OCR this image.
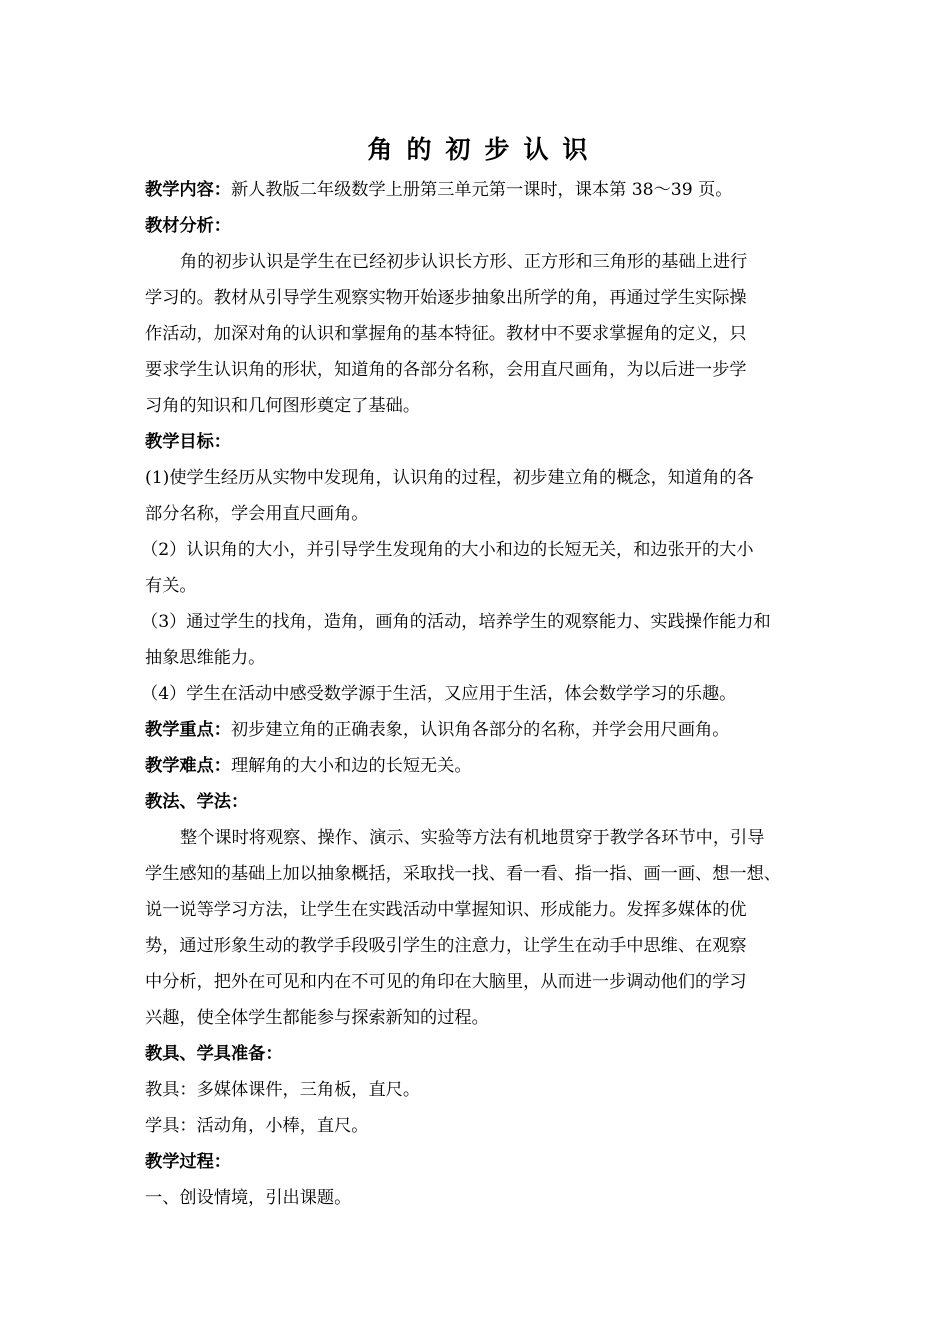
角的初步认识
教学内容：新人教版二年级数学上册第三单元第一课时，课本第 38～39 页。
教材分析：
角的初步认识是学生在已经初步认识长方形、正方形和三角形的基础上进行
学习的。教材从引导学生观察实物开始逐步抽象出所学的角，再通过学生实际操
作活动，加深对角的认识和掌握角的基本特征。教材中不要求掌握角的定义，只
要求学生认识角的形状，知道角的各部分名称，会用直尺画角，为以后进一步学
习角的知识和几何图形奠定了基础。
教学目标：
(1)使学生经历从实物中发现角，认识角的过程，初步建立角的概念，知道角的各
部分名称，学会用直尺画角。
（2）认识角的大小，并引导学生发现角的大小和边的长短无关，和边张开的大小
有关。
（3）通过学生的找角，造角，画角的活动，培养学生的观察能力、实践操作能力和
抽象思维能力。
（4）学生在活动中感受数学源于生活，又应用于生活，体会数学学习的乐趣。
教学重点：初步建立角的正确表象，认识角各部分的名称，并学会用尺画角。
教学难点：理解角的大小和边的长短无关。
教法、学法：
整个课时将观察、操作、演示、实验等方法有机地贯穿于教学各环节中，引导
学生感知的基础上加以抽象概括，采取找一找、看一看、指一指、画一画、想一想、
说一说等学习方法，让学生在实践活动中掌握知识、形成能力。发挥多媒体的优
势，通过形象生动的教学手段吸引学生的注意力，让学生在动手中思维、在观察
中分析，把外在可见和内在不可见的角印在大脑里，从而进一步调动他们的学习
兴趣，使全体学生都能参与探索新知的过程。
教具、学具准备：
教具：多媒体课件，三角板，直尺。
学具：活动角，小棒，直尺。
教学过程：
一、创设情境，引出课题。
